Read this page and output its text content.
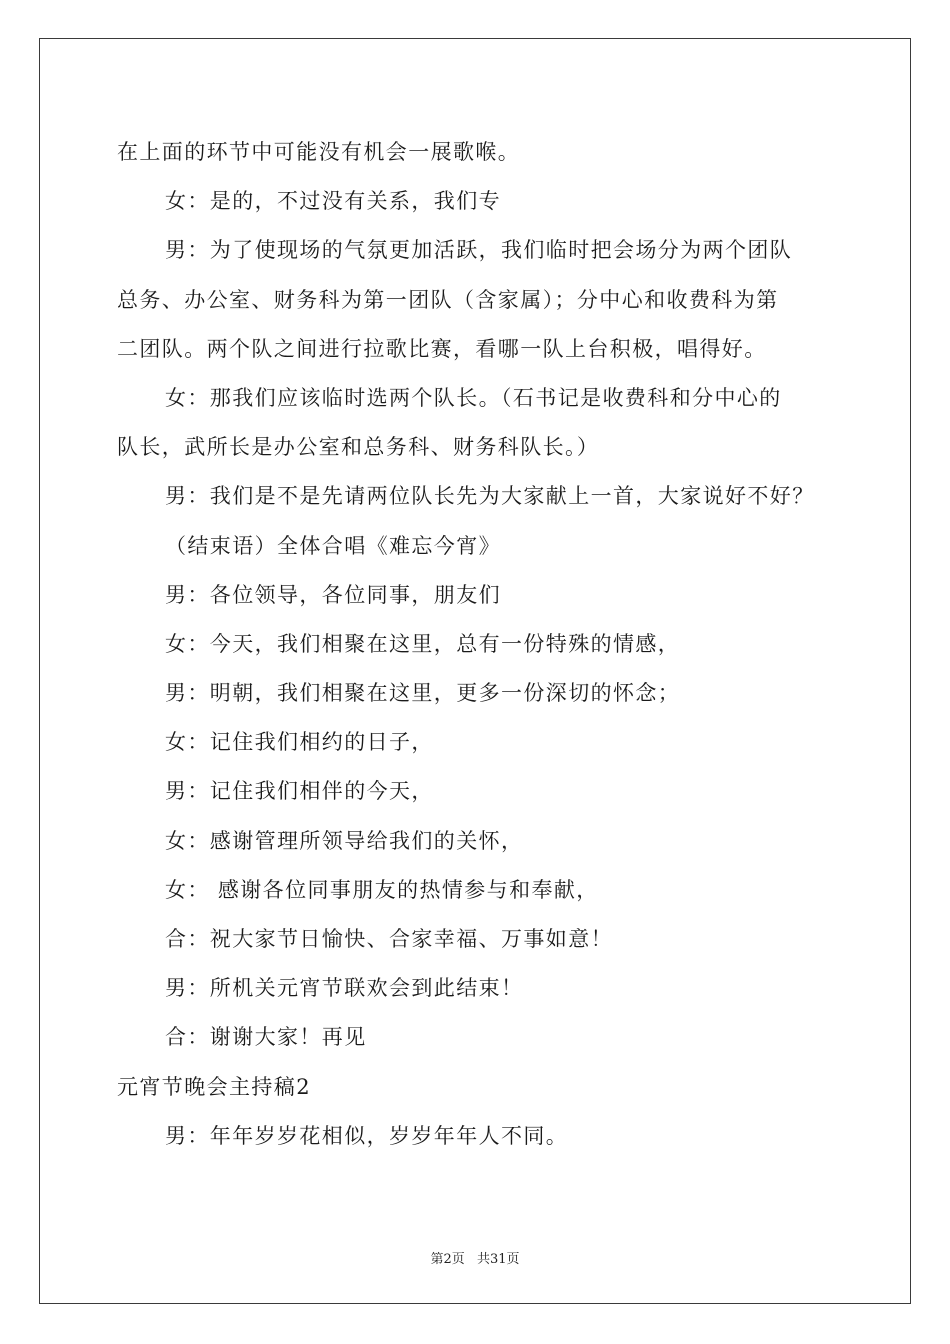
在上面的环节中可能没有机会一展歌喉。
女：是的，不过没有关系，我们专
男：为了使现场的气氛更加活跃，我们临时把会场分为两个团队
总务、办公室、财务科为第一团队（含家属）；分中心和收费科为第
二团队。两个队之间进行拉歌比赛，看哪一队上台积极，唱得好。
女：那我们应该临时选两个队长。（石书记是收费科和分中心的
队长，武所长是办公室和总务科、财务科队长。）
男：我们是不是先请两位队长先为大家献上一首，大家说好不好？
（结束语）全体合唱《难忘今宵》
男：各位领导，各位同事，朋友们
女：今天，我们相聚在这里，总有一份特殊的情感，
男：明朝，我们相聚在这里，更多一份深切的怀念；
女：记住我们相约的日子，
男：记住我们相伴的今天，
女：感谢管理所领导给我们的关怀，
女： 感谢各位同事朋友的热情参与和奉献，
合：祝大家节日愉快、合家幸福、万事如意！
男：所机关元宵节联欢会到此结束！
合：谢谢大家！再见
元宵节晚会主持稿2
男：年年岁岁花相似，岁岁年年人不同。
第2页 共31页
